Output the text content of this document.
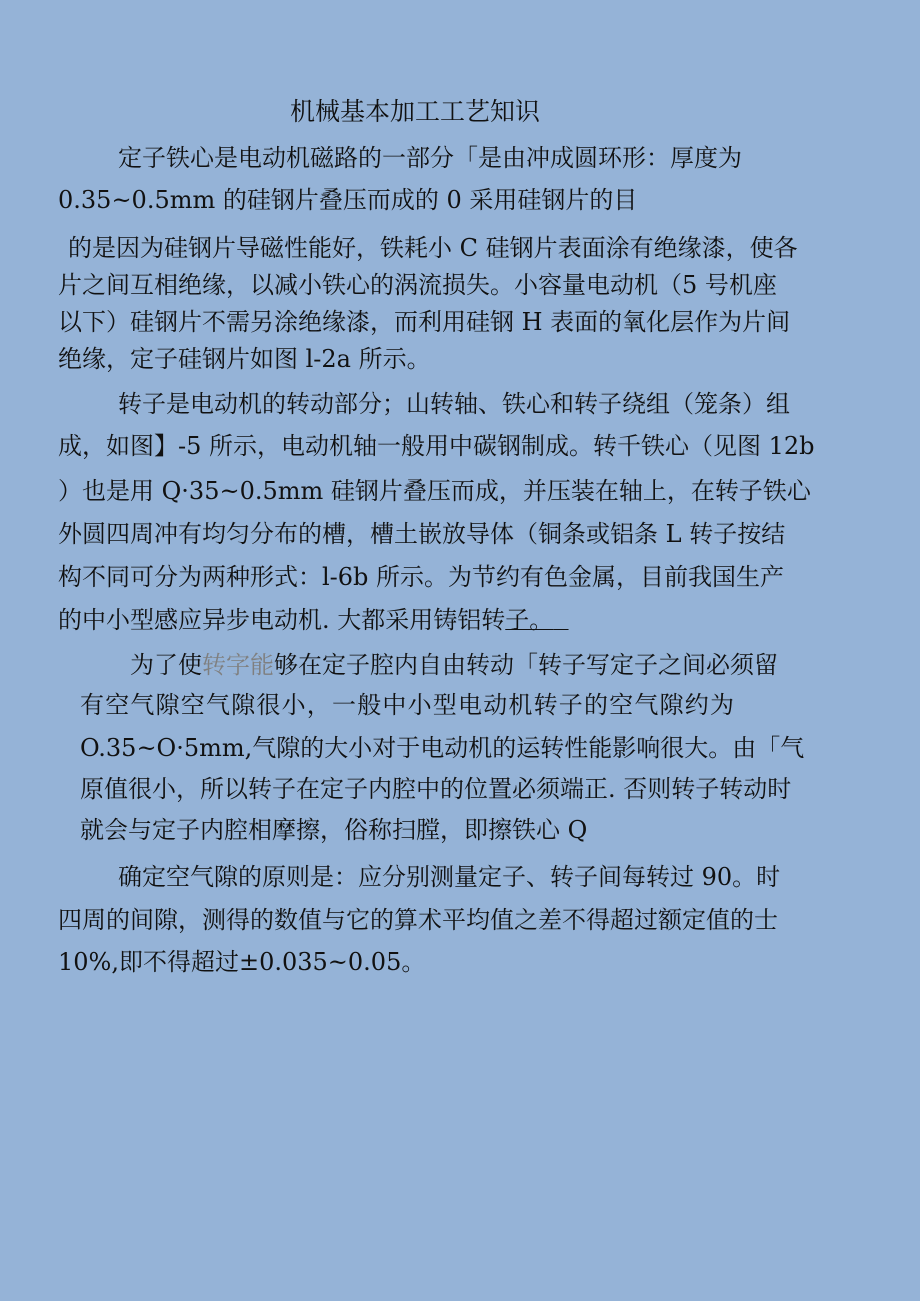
机械基本加工工艺知识
定子铁心是电动机磁路的一部分「是由冲成圆环形：厚度为
0.35~0.5mm 的硅钢片叠压而成的 0 采用硅钢片的目
的是因为硅钢片导磁性能好，铁耗小 C 硅钢片表面涂有绝缘漆，使各
片之间互相绝缘，以减小铁心的涡流损失。小容量电动机（5 号机座
以下）硅钢片不需另涂绝缘漆，而利用硅钢 H 表面的氧化层作为片间
绝缘，定子硅钢片如图 l-2a 所示。
转子是电动机的转动部分；山转轴、铁心和转子绕组（笼条）组
成，如图】-5 所示，电动机轴一般用中碳钢制成。转千铁心（见图 12b
）也是用 Q·35~0.5mm 硅钢片叠压而成，并压装在轴上，在转子铁心
外圆四周冲有均匀分布的槽，槽土嵌放导体（铜条或铝条 L 转子按结
构不同可分为两种形式：l-6b 所示。为节约有色金属，目前我国生产
的中小型感应异步电动机. 大都采用铸铝转子。
为了使转字能够在定子腔内自由转动「转子写定子之间必须留
有空气隙空气隙很小，一般中小型电动机转子的空气隙约为
O.35~O·5mm,气隙的大小对于电动机的运转性能影响很大。由「气
原值很小，所以转子在定子内腔中的位置必须端正. 否则转子转动时
就会与定子内腔相摩擦，俗称扫膛，即擦铁心 Q
确定空气隙的原则是：应分别测量定子、转子间每转过 90。时
四周的间隙，测得的数值与它的算术平均值之差不得超过额定值的士
10%,即不得超过±0.035~0.05。
